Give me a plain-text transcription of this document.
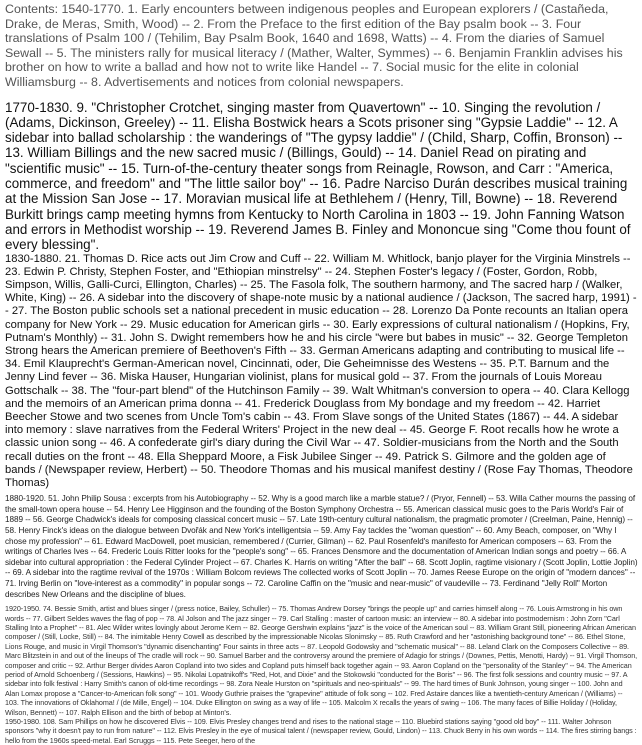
Contents: 1540-1770. 1. Early encounters between indigenous peoples and European explorers / (Castañeda, Drake, de Meras, Smith, Wood) -- 2. From the Preface to the first edition of the Bay psalm book -- 3. Four translations of Psalm 100 / (Tehilim, Bay Psalm Book, 1640 and 1698, Watts) -- 4. From the diaries of Samuel Sewall -- 5. The ministers rally for musical literacy / (Mather, Walter, Symmes) -- 6. Benjamin Franklin advises his brother on how to write a ballad and how not to write like Handel -- 7. Social music for the elite in colonial Williamsburg -- 8. Advertisements and notices from colonial newspapers.

1770-1830. 9. "Christopher Crotchet, singing master from Quavertown" -- 10. Singing the revolution / (Adams, Dickinson, Greeley) -- 11. Elisha Bostwick hears a Scots prisoner sing "Gypsie Laddie" -- 12. A sidebar into ballad scholarship : the wanderings of "The gypsy laddie" / (Child, Sharp, Coffin, Bronson) -- 13. William Billings and the new sacred music / (Billings, Gould) -- 14. Daniel Read on pirating and "scientific music" -- 15. Turn-of-the-century theater songs from Reinagle, Rowson, and Carr : "America, commerce, and freedom" and "The little sailor boy" -- 16. Padre Narciso Durán describes musical training at the Mission San Jose -- 17. Moravian musical life at Bethlehem / (Henry, Till, Bowne) -- 18. Reverend Burkitt brings camp meeting hymns from Kentucky to North Carolina in 1803 -- 19. John Fanning Watson and errors in Methodist worship -- 19. Reverend James B. Finley and Mononcue sing "Come thou fount of every blessing".

1830-1880. 21. Thomas D. Rice acts out Jim Crow and Cuff -- 22. William M. Whitlock, banjo player for the Virginia Minstrels -- 23. Edwin P. Christy, Stephen Foster, and "Ethiopian minstrelsy" -- 24. Stephen Foster's legacy / (Foster, Gordon, Robb, Simpson, Willis, Galli-Curci, Ellington, Charles) -- 25. The Fasola folk, The southern harmony, and The sacred harp / (Walker, White, King) -- 26. A sidebar into the discovery of shape-note music by a national audience / (Jackson, The sacred harp, 1991) -- 27. The Boston public schools set a national precedent in music education -- 28. Lorenzo Da Ponte recounts an Italian opera company for New York -- 29. Music education for American girls -- 30. Early expressions of cultural nationalism / (Hopkins, Fry, Putnam's Monthly) -- 31. John S. Dwight remembers how he and his circle "were but babes in music" -- 32. George Templeton Strong hears the American premiere of Beethoven's Fifth -- 33. German Americans adapting and contributing to musical life -- 34. Emil Klauprecht's German-American novel, Cincinnati, oder, Die Geheimnisse des Westens -- 35. P.T. Barnum and the Jenny Lind fever -- 36. Miska Hauser, Hungarian violinist, plans for musical gold -- 37. From the journals of Louis Moreau Gottschalk -- 38. The "four-part blend" of the Hutchinson Family -- 39. Walt Whitman's conversion to opera -- 40. Clara Kellogg and the memoirs of an American prima donna -- 41. Frederick Douglass from My bondage and my freedom -- 42. Harriet Beecher Stowe and two scenes from Uncle Tom's cabin -- 43. From Slave songs of the United States (1867) -- 44. A sidebar into memory : slave narratives from the Federal Writers' Project in the new deal -- 45. George F. Root recalls how he wrote a classic union song -- 46. A confederate girl's diary during the Civil War -- 47. Soldier-musicians from the North and the South recall duties on the front -- 48. Ella Sheppard Moore, a Fisk Jubilee Singer -- 49. Patrick S. Gilmore and the golden age of bands / (Newspaper review, Herbert) -- 50. Theodore Thomas and his musical manifest destiny / (Rose Fay Thomas, Theodore Thomas)

1880-1920. 51. John Philip Sousa : excerpts from his Autobiography -- 52. Why is a good march like a marble statue? / (Pryor, Fennell) -- 53. Willa Cather mourns the passing of the small-town opera house -- 54. Henry Lee Higginson and the founding of the Boston Symphony Orchestra -- 55. American classical music goes to the Paris World's Fair of 1889 -- 56. George Chadwick's ideals for composing classical concert music -- 57. Late 19th-century cultural nationalism, the pragmatic promoter / (Creelman, Paine, Hennig) -- 58. Henry Finck's ideas on the dialogue between Dvořák and New York's intelligentsia -- 59. Amy Fay tackles the "woman question" -- 60. Amy Beach, composer, on "Why I chose my profession" -- 61. Edward MacDowell, poet musician, remembered / (Currier, Gilman) -- 62. Paul Rosenfeld's manifesto for American composers -- 63. From the writings of Charles Ives -- 64. Frederic Louis Ritter looks for the "people's song" -- 65. Frances Densmore and the documentation of American Indian songs and poetry -- 66. A sidebar into cultural appropriation : the Federal Cylinder Project -- 67. Charles K. Harris on writing "After the ball" -- 68. Scott Joplin, ragtime visionary / (Scott Joplin, Lottie Joplin) -- 69. A sidebar into the ragtime revival of the 1970s : William Bolcom reviews The collected works of Scott Joplin -- 70. James Reese Europe on the origin of "modern dances" -- 71. Irving Berlin on "love-interest as a commodity" in popular songs -- 72. Caroline Caffin on the "music and near-music" of vaudeville -- 73. Ferdinand "Jelly Roll" Morton describes New Orleans and the discipline of blues.

1920-1950. 74. Bessie Smith, artist and blues singer / (press notice, Bailey, Schuller) -- 75. Thomas Andrew Dorsey "brings the people up" and carries himself along -- 76. Louis Armstrong in his own words -- 77. Gilbert Seldes waves the flag of pop -- 78. Al Jolson and The jazz singer -- 79. Carl Stalling : master of cartoon music: an interview -- 80. A sidebar into postmodernism : John Zorn "Carl Stalling Into a Prophet" -- 81. Alec Wilder writes lovingly about Jerome Kern -- 82. George Gershwin explains "jazz" is the voice of the American soul -- 83. William Grant Still, pioneering African American composer / (Still, Locke, Still) -- 84. The inimitable Henry Cowell as described by the impressionable Nicolas Slonimsky -- 85. Ruth Crawford and her "astonishing background tone" -- 86. Ethel Stone, Lions Rouge, and music in Virgil Thomson's "dynamic disenchanting" Four saints in three acts -- 87. Leopold Godowsky and "schematic musical" -- 88. Leland Clark on the Composers Collective -- 89. Marc Blitzstein in and out of the lineups of The cradle will rock -- 90. Samuel Barber and the controversy around the premiere of Adagio for strings / (Downes, Pettis, Menotti, Hardy) -- 91. Virgil Thomson, composer and critic -- 92. Arthur Berger divides Aaron Copland into two sides and Copland puts himself back together again -- 93. Aaron Copland on the "personality of the Stanley" -- 94. The American period of Arnold Schoenberg / (Sessions, Hawkins) -- 95. Nikolai Lopatnikoff's "Red, Hot, and Dixie" and the Stokowski "conducted for the Boris" -- 96. The first folk sessions and country music -- 97. A sidebar into folk festival : Harry Smith's canon of old-time recordings -- 98. Zora Neale Hurston on "spirituals and neo-spirituals" -- 99. The hard times of Bunk Johnson, young singer -- 100. John and Alan Lomax propose a "Cancer-to-American folk song" -- 101. Woody Guthrie praises the "grapevine" attitude of folk song -- 102. Fred Astaire dances like a twentieth-century American / (Williams) -- 103. The innovations of Oklahoma! / (de Mille, Engel) -- 104. Duke Ellington on swing as a way of life -- 105. Malcolm X recalls the years of swing -- 106. The many faces of Billie Holiday / (Holiday, Wilson, Bennett) -- 107. Ralph Ellison and the birth of bebop at Minton's.

1950-1980. 108. Sam Phillips on how he discovered Elvis -- 109. Elvis Presley changes trend and rises to the national stage -- 110. Bluebird stations saying "good old boy" -- 111. Walter Johnson sponsors "why it doesn't pay to run from nature" -- 112. Elvis Presley in the eye of musical talent / (newspaper review, Gould, Lindon) -- 113. Chuck Berry in his own words -- 114. The fires stirring bangs : hello from the 1960s speed-metal. Earl Scruggs -- 115. Pete Seeger, hero of the
